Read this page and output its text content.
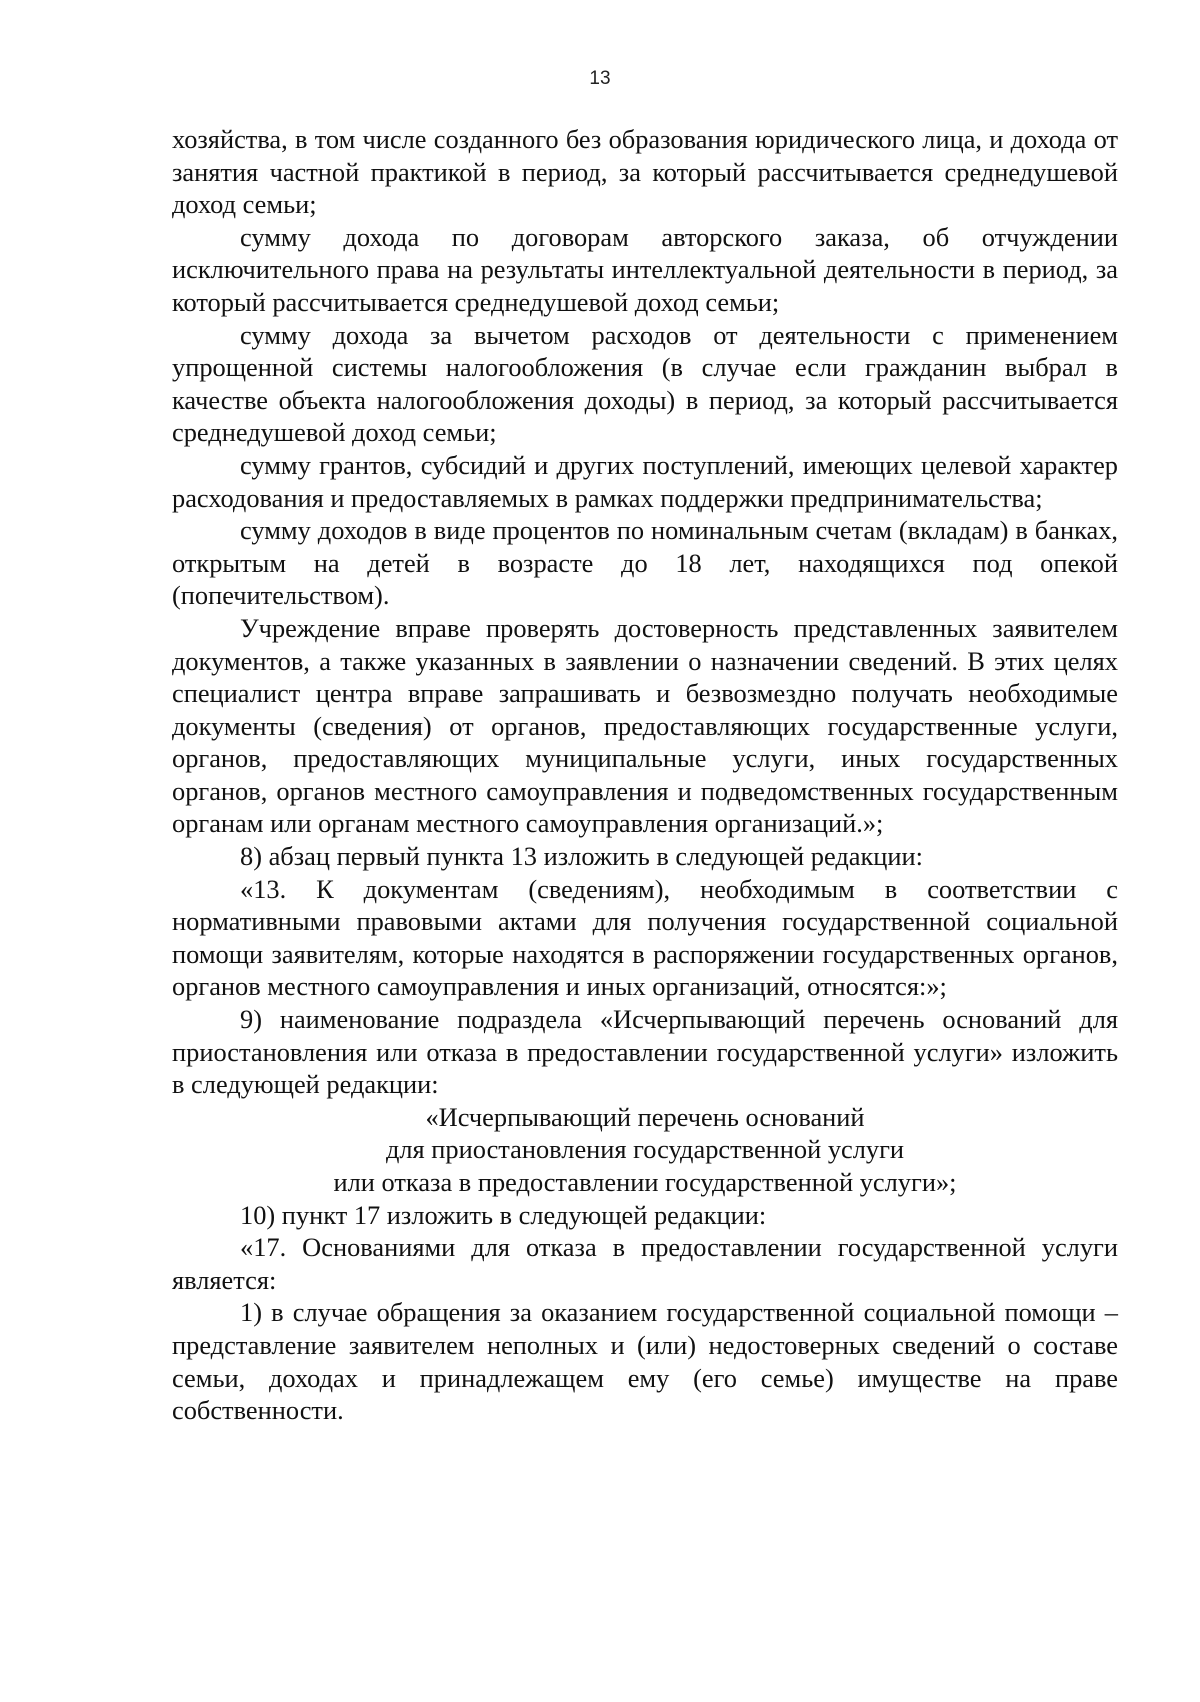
13

хозяйства, в том числе созданного без образования юридического лица, и дохода от занятия частной практикой в период, за который рассчитывается среднедушевой доход семьи;

сумму дохода по договорам авторского заказа, об отчуждении исключительного права на результаты интеллектуальной деятельности в период, за который рассчитывается среднедушевой доход семьи;

сумму дохода за вычетом расходов от деятельности с применением упрощенной системы налогообложения (в случае если гражданин выбрал в качестве объекта налогообложения доходы) в период, за который рассчитывается среднедушевой доход семьи;

сумму грантов, субсидий и других поступлений, имеющих целевой характер расходования и предоставляемых в рамках поддержки предпринимательства;

сумму доходов в виде процентов по номинальным счетам (вкладам) в банках, открытым на детей в возрасте до 18 лет, находящихся под опекой (попечительством).

Учреждение вправе проверять достоверность представленных заявителем документов, а также указанных в заявлении о назначении сведений. В этих целях специалист центра вправе запрашивать и безвозмездно получать необходимые документы (сведения) от органов, предоставляющих государственные услуги, органов, предоставляющих муниципальные услуги, иных государственных органов, органов местного самоуправления и подведомственных государственным органам или органам местного самоуправления организаций.»;

8) абзац первый пункта 13 изложить в следующей редакции:

«13. К документам (сведениям), необходимым в соответствии с нормативными правовыми актами для получения государственной социальной помощи заявителям, которые находятся в распоряжении государственных органов, органов местного самоуправления и иных организаций, относятся:»;

9) наименование подраздела «Исчерпывающий перечень оснований для приостановления или отказа в предоставлении государственной услуги» изложить в следующей редакции:

«Исчерпывающий перечень оснований

для приостановления государственной услуги

или отказа в предоставлении государственной услуги»;

10) пункт 17 изложить в следующей редакции:

«17. Основаниями для отказа в предоставлении государственной услуги является:

1) в случае обращения за оказанием государственной социальной помощи – представление заявителем неполных и (или) недостоверных сведений о составе семьи, доходах и принадлежащем ему (его семье) имуществе на праве собственности.
